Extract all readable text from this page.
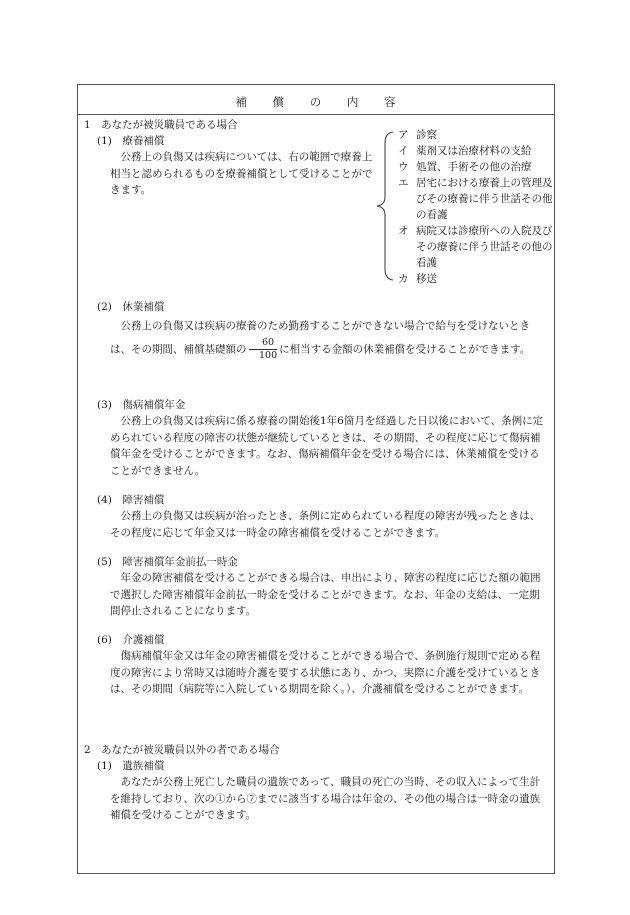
補 償 の 内 容
1　あなたが被災職員である場合
(1)　療養補償
公務上の負傷又は疾病については、右の範囲で療養上相当と認められるものを療養補償として受けることができます。
ア 診察
イ 薬剤又は治療材料の支給
ウ 処置、手術その他の治療
エ 居宅における療養上の管理及びその療養に伴う世話その他の看護
オ 病院又は診療所への入院及びその療養に伴う世話その他の看護
カ 移送
(2)　休業補償
公務上の負傷又は疾病の療養のため勤務することができない場合で給与を受けないときは、その期間、補償基礎額の $\frac{60}{100}$ に相当する金額の休業補償を受けることができます。
(3)　傷病補償年金
公務上の負傷又は疾病に係る療養の開始後1年6箇月を経過した日以後において、条例に定められている程度の障害の状態が継続しているときは、その期間、その程度に応じて傷病補償年金を受けることができます。なお、傷病補償年金を受ける場合には、休業補償を受けることができません。
(4)　障害補償
公務上の負傷又は疾病が治ったとき、条例に定められている程度の障害が残ったときは、その程度に応じて年金又は一時金の障害補償を受けることができます。
(5)　障害補償年金前払一時金
年金の障害補償を受けることができる場合は、申出により、障害の程度に応じた額の範囲で選択した障害補償年金前払一時金を受けることができます。なお、年金の支給は、一定期間停止されることになります。
(6)　介護補償
傷病補償年金又は年金の障害補償を受けることができる場合で、条例施行規則で定める程度の障害により常時又は随時介護を要する状態にあり、かつ、実際に介護を受けているときは、その期間（病院等に入院している期間を除く。）、介護補償を受けることができます。
2　あなたが被災職員以外の者である場合
(1)　遺族補償
あなたが公務上死亡した職員の遺族であって、職員の死亡の当時、その収入によって生計を維持しており、次の①から⑦までに該当する場合は年金の、その他の場合は一時金の遺族補償を受けることができます。
